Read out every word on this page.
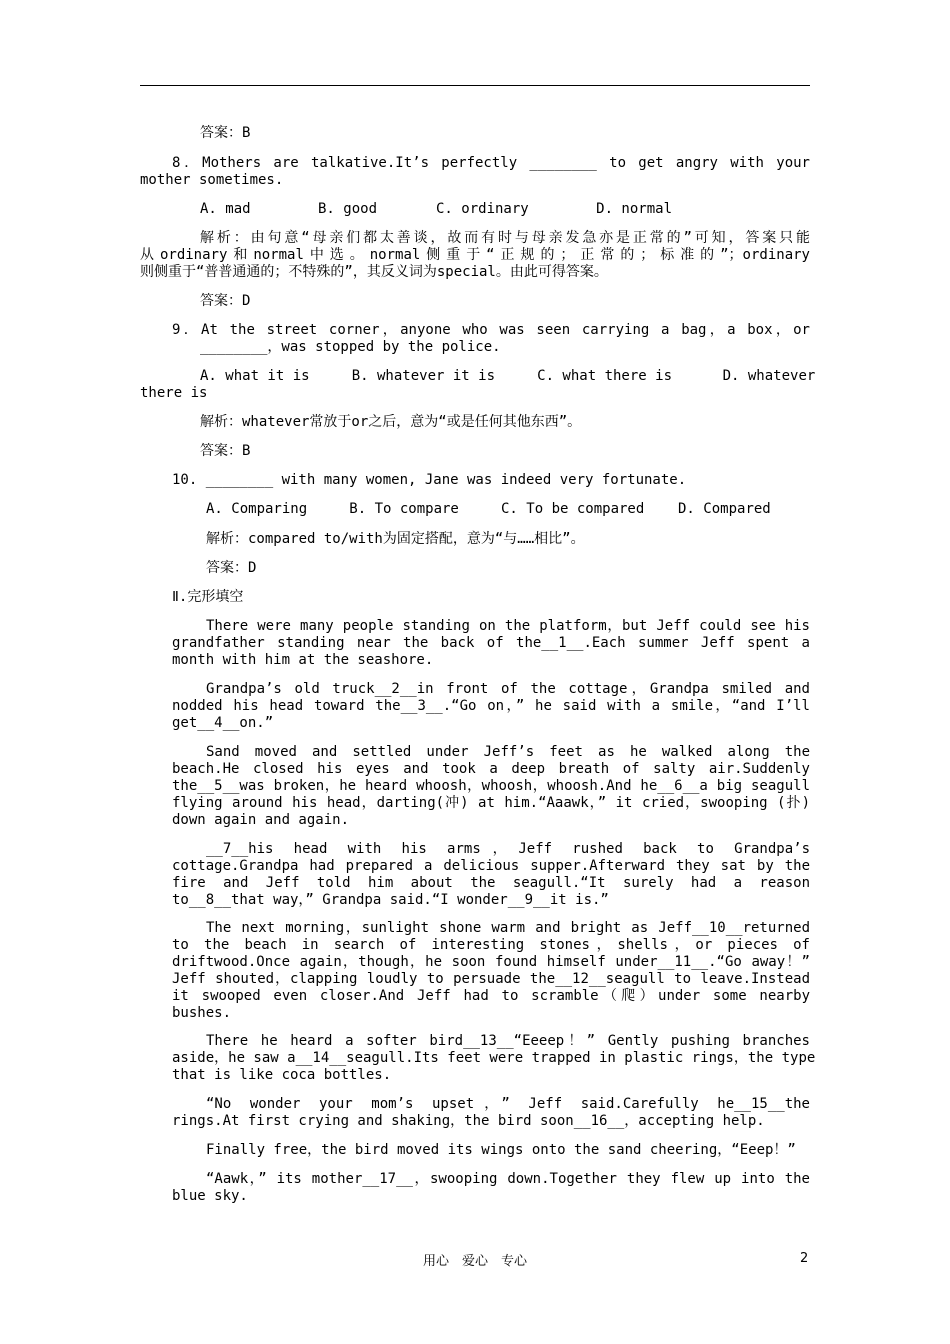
答案：B
8．Mothers are talkative.It’s perfectly ________ to get angry with your
mother sometimes.
A. mad        B. good       C. ordinary        D. normal
解析：由句意“母亲们都太善谈，故而有时与母亲发急亦是正常的”可知，答案只能
从ordinary和normal中选。normal侧重于“正规的；正常的；标准的”；ordinary
则侧重于“普普通通的；不特殊的”，其反义词为special。由此可得答案。
答案：D
9．At the street corner，anyone who was seen carrying a bag，a box，or
________，was stopped by the police.
A. what it is     B. whatever it is     C. what there is      D. whatever
there is
解析：whatever常放于or之后，意为“或是任何其他东西”。
答案：B
10. ________ with many women, Jane was indeed very fortunate.
A. Comparing     B. To compare     C. To be compared    D. Compared
解析：compared to/with为固定搭配，意为“与……相比”。
答案：D
Ⅱ.完形填空
There were many people standing on the platform，but Jeff could see his
grandfather standing near the back of the__1__.Each summer Jeff spent a
month with him at the seashore.
Grandpa’s old truck__2__in front of the cottage，Grandpa smiled and
nodded his head toward the__3__.“Go on，” he said with a smile，“and I’ll
get__4__on.”
Sand moved and settled under Jeff’s feet as he walked along the
beach.He closed his eyes and took a deep breath of salty air.Suddenly
the__5__was broken，he heard whoosh，whoosh，whoosh.And he__6__a big seagull
flying around his head，darting(冲) at him.“Aaawk，” it cried，swooping (扑)
down again and again.
__7__his head with his arms，Jeff rushed back to Grandpa’s
cottage.Grandpa had prepared a delicious supper.Afterward they sat by the
fire and Jeff told him about the seagull.“It surely had a reason
to__8__that way，” Grandpa said.“I wonder__9__it is.”
The next morning，sunlight shone warm and bright as Jeff__10__returned
to the beach in search of interesting stones，shells，or pieces of
driftwood.Once again，though，he soon found himself under__11__.“Go away！”
Jeff shouted，clapping loudly to persuade the__12__seagull to leave.Instead
it swooped even closer.And Jeff had to scramble（爬）under some nearby
bushes.
There he heard a softer bird__13__“Eeeep！” Gently pushing branches
aside，he saw a__14__seagull.Its feet were trapped in plastic rings，the type
that is like coca bottles.
“No wonder your mom’s upset，” Jeff said.Carefully he__15__the
rings.At first crying and shaking，the bird soon__16__，accepting help.
Finally free，the bird moved its wings onto the sand cheering，“Eeep！”
“Aawk，” its mother__17__，swooping down.Together they flew up into the
blue sky.
用心　爱心　专心	2
